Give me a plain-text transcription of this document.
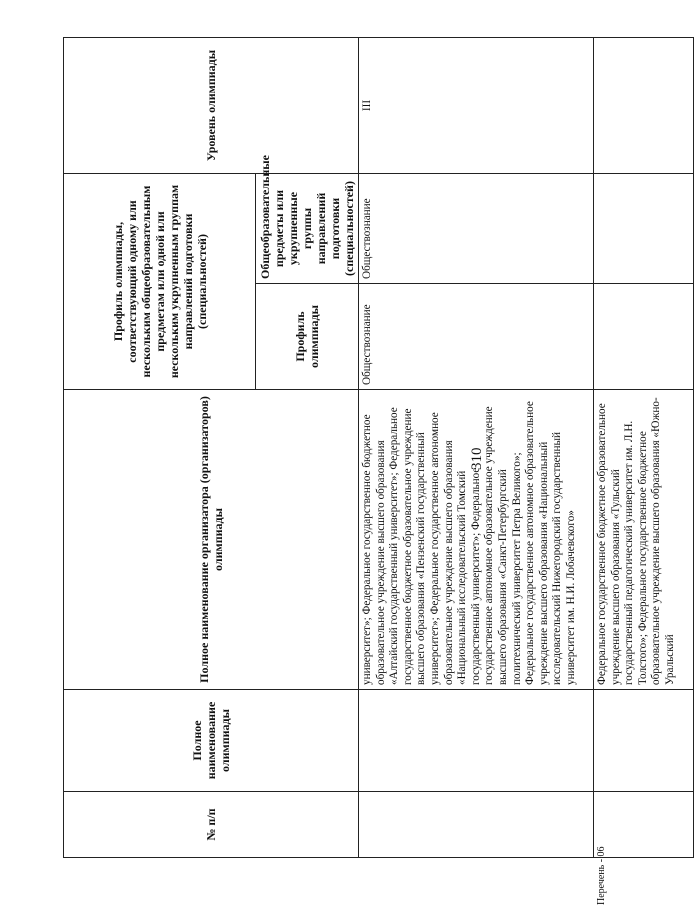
310
Перечень - 06
№ п/п	Полное наименование олимпиады	Полное наименование организатора (организаторов) олимпиады	Профиль олимпиады, соответствующий одному или нескольким общеобразовательным предметам или одной или нескольким укрупненным группам направлений подготовки (специальностей)		Уровень олимпиады
			Профиль олимпиады	Общеобразовательные предметы или укрупненные группы направлений подготовки (специальностей)	
		университет»; Федеральное государственное бюджетное образовательное учреждение высшего образования «Алтайский государственный университет»; Федеральное государственное бюджетное образовательное учреждение высшего образования «Пензенский государственный университет»; Федеральное государственное автономное образовательное учреждение высшего образования «Национальный исследовательский Томский государственный университет»; Федеральное государственное автономное образовательное учреждение высшего образования «Санкт-Петербургский политехнический университет Петра Великого»; Федеральное государственное автономное образовательное учреждение высшего образования «Национальный исследовательский Нижегородский государственный университет им. Н.И. Лобачевского»	Обществознание	Обществознание	III
		Федеральное государственное бюджетное образовательное учреждение высшего образования «Тульский государственный педагогический университет им. Л.Н. Толстого»; Федеральное государственное бюджетное образовательное учреждение высшего образования «Южно-Уральский			
